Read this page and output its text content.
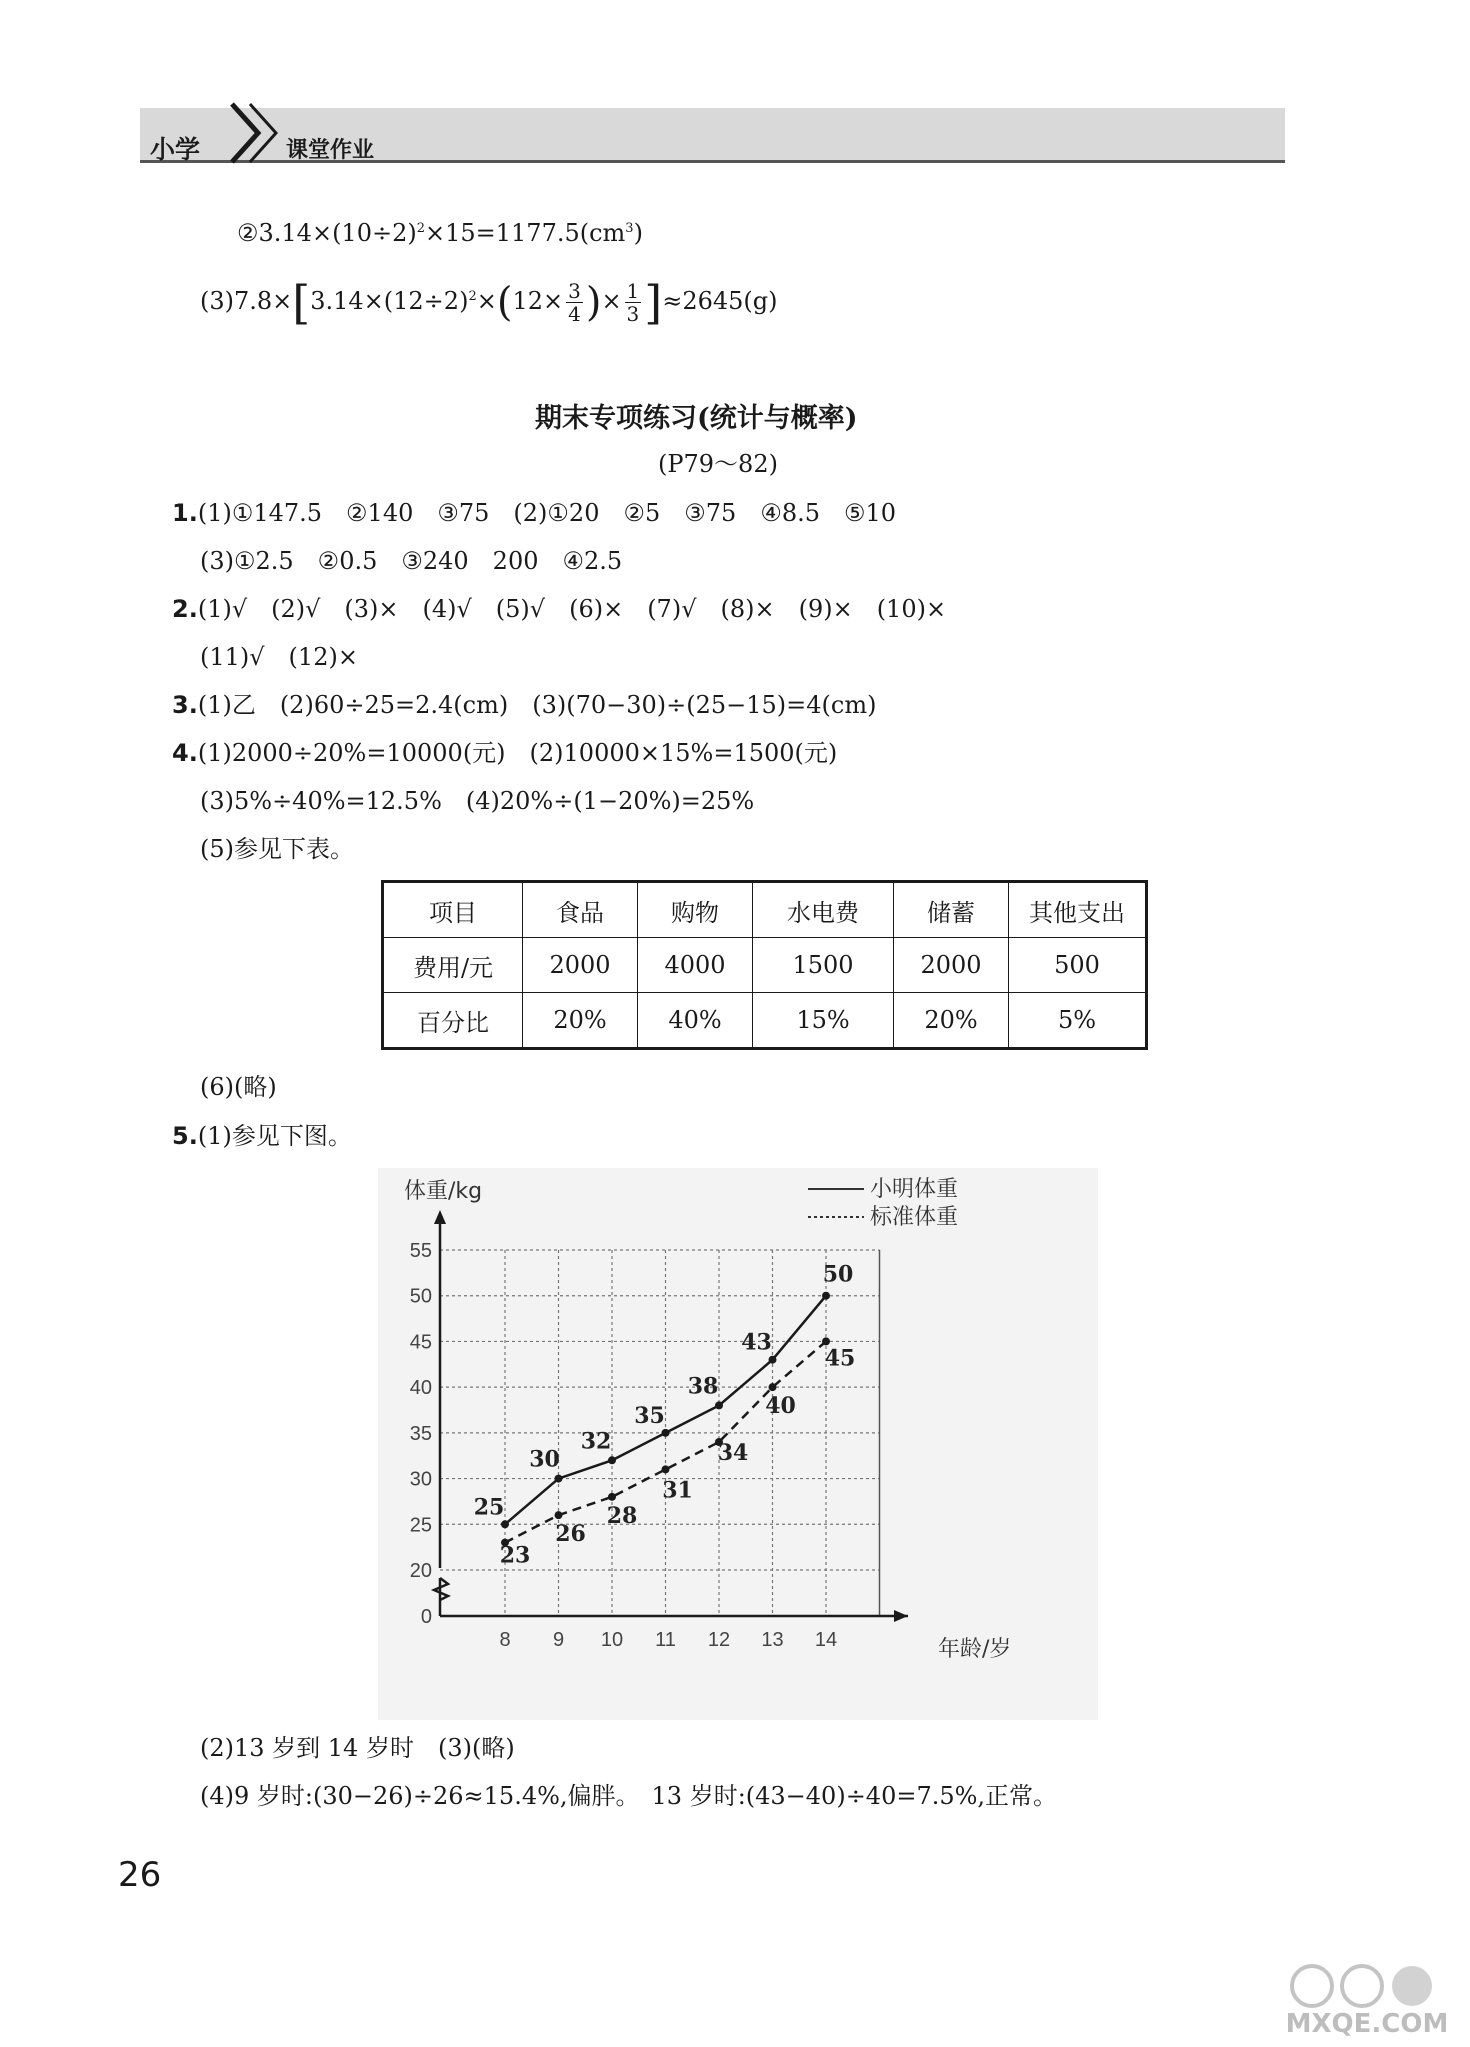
小学	课堂作业
$②3.14\times(10\div 2)^2\times 15=1177.5(cm^3)$
$(3)7.8\times[3.14\times(12\div 2)^2\times(12\times \frac{3}{4}$ )× $\frac{1}{3} ]\approx 2645(g)$
期末专项练习(统计与概率)
(P79～82)
1.(1)①147.5　②140　③75　(2)①20　②5　③75　④8.5　⑤10
(3)①2.5　②0.5　③240　200　④2.5
2.(1)√　(2)√　(3)×　(4)√　(5)√　(6)×　(7)√　(8)×　(9)×　(10)×
(11)√　(12)×
3.(1)乙　(2)60÷25=2.4(cm)　(3)(70−30)÷(25−15)=4(cm)
4.(1)2000÷20%=10000(元)　(2)10000×15%=1500(元)
(3)5%÷40%=12.5%　(4)20%÷(1−20%)=25%
(5)参见下表。
项目	食品	购物	水电费	储蓄	其他支出
费用/元	2000	4000	1500	2000	500
百分比	20%	40%	15%	20%	5%
(6)(略)
5.(1)参见下图。
0
20
25
30
35
40
45
50
55
8 9 10 11 12 13 14
体重/kg
年龄/岁
25
30
32
35
38
43
50
23
26
28
31
34
40
45
小明体重
标准体重
(2)13 岁到 14 岁时　(3)(略)
(4)9 岁时:(30−26)÷26≈15.4%,偏胖。　13 岁时:(43−40)÷40=7.5%,正常。
26
MXQE.COM
